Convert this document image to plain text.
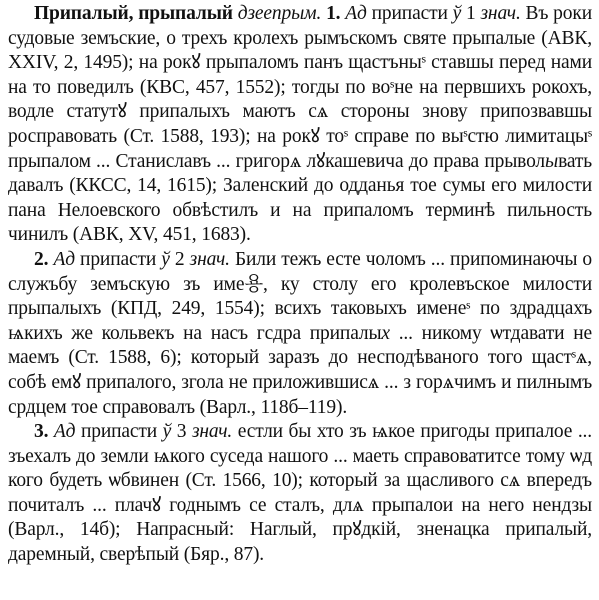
Припалый, прыпалый дзеепрым. 1. Ад припасти ў 1 знач. Въ роки судовые земъские, о трехъ кролехъ рымъскомъ святе прыпалые (АВК, XXIV, 2, 1495); на рокꙋ прыпаломъ панъ щастъныˢ ставшы перед нами на то поведилъ (КВС, 457, 1552); тогды по воˢне на первшихъ рокохъ, водле статутꙋ припалыхъ маютъ сѧ стороны знову припозвавшы роспpавовать (Ст. 1588, 193); на рокꙋ тоˢ справе по выˢстю лимитацыˢ прыпалом ... Станиславъ ... григорѧ лꙋкашевича до права прыволывать давалъ (ККСС, 14, 1615); Заленский до одданья тое сумы его милости пана Нелоевского обвѣстилъ и на припаломъ терминѣ пильность чинилъ (АВК, XV, 451, 1683).

2. Ад припасти ў 2 знач. Били тежъ есте чоломъ ... припоминаючы о служъбу земъскую зъ име용, ку столу его кролевъское милости прыпалыхъ (КПД, 249, 1554); всихъ таковыхъ именеˢ по здрадцахъ ѩкихъ же кольвекъ на насъ гсдра припалых ... никому ѡтдавати не маемъ (Ст. 1588, 6); который заразъ до несподѣваного того щастˢѧ, собѣ емꙋ припалого, згола не приложившисѧ ... з горѧчимъ и пилнымъ срдцем тое справовалъ (Варл., 118б–119).

3. Ад припасти ў 3 знач. естли бы хто зъ ѩкое пригоды припалое ... зъехалъ до земли ѩкого суседа нашого ... маеть справоватитсе тому ѡд кого будеть ѡбвинен (Ст. 1566, 10); который за щасливого сѧ впередъ почиталъ ... плачꙋ годнымъ се сталъ, длѧ прыпалои на него нендзы (Варл., 14б); Напрасный: Наглый, прꙋдкій, зненацка припалый, даремный, сверѣпый (Бяр., 87).
